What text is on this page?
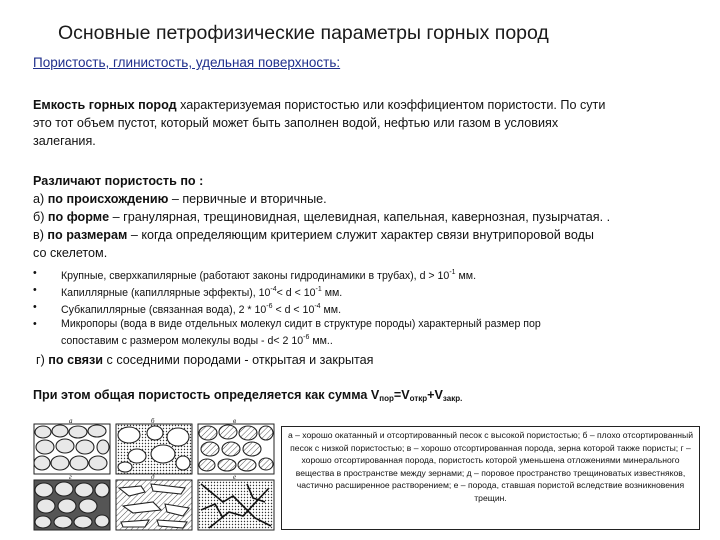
Основные петрофизические параметры горных пород
Пористость, глинистость, удельная поверхность:
Емкость горных пород характеризуемая пористостью или коэффициентом пористости. По сути
это тот объем пустот, который может быть заполнен водой, нефтью или газом в условиях
залегания.
Различают пористость по :
а) по происхождению – первичные и вторичные.
б) по форме – гранулярная, трещиновидная, щелевидная, капельная, кавернозная, пузырчатая. .
в) по размерам – когда определяющим критерием служит характер связи внутрипоровой воды
со скелетом.
• Крупные, сверхкапилярные (работают законы гидродинамики в трубах), $d > 10^{-1}$ мм.
• Капиллярные (капиллярные эффекты), $10^{-4}< d < 10^{-1}$ мм.
• Субкапиллярные (связанная вода), $2 * 10^{-6} < d < 10^{-4}$ мм.
• Микропоры (вода в виде отдельных молекул сидит в структуре породы) характерный размер пор
сопоставим с размером молекулы воды - d< 2 $10^{-6}$ мм..
г) по связи с соседними породами - открытая и закрытая
При этом общая пористость определяется как сумма $V_{пор}=V_{откр}+V_{закр.}$
а	б	в
г	д	е
а – хорошо окатанный и отсортированный песок с высокой пористостью; б – плохо отсортированный песок с низкой пористостью; в – хорошо отсортированная порода, зерна которой также пористы; г – хорошо отсортированная порода, пористость которой уменьшена отложениями минерального вещества в пространстве между зернами; д – поровое пространство трещиноватых известняков, частично расширенное растворением; е – порода, ставшая пористой вследствие возникновения трещин.
